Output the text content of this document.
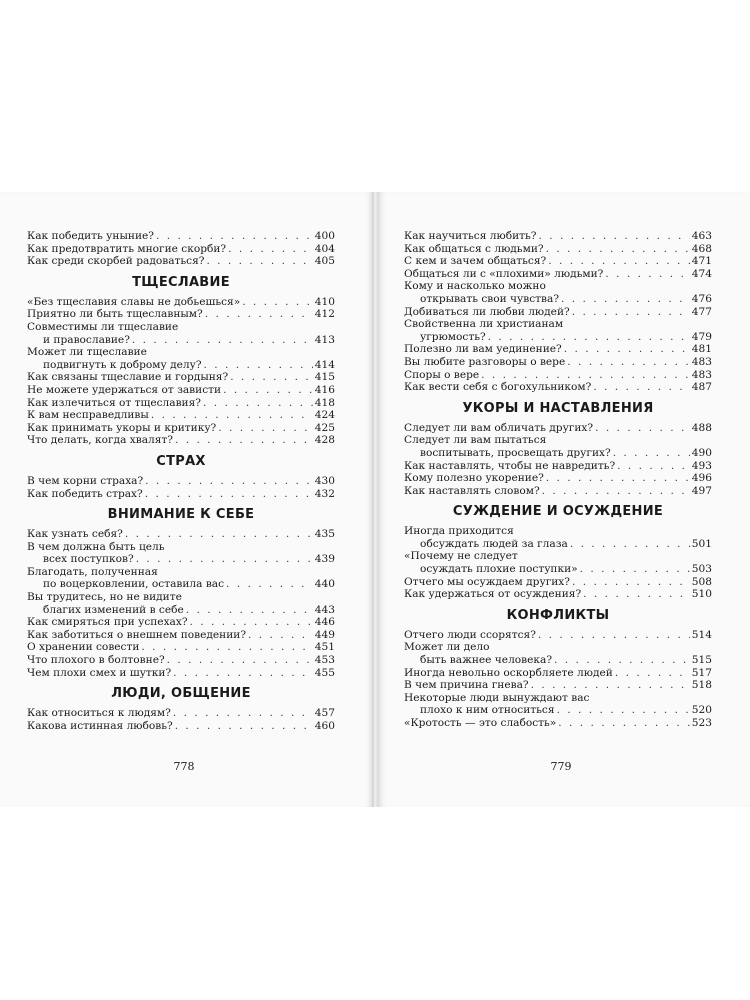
Как победить уныние? . . .	400
Как предотвратить многие скорби? . . .	404
Как среди скорбей радоваться? . . .	405
ТЩЕСЛАВИЕ
«Без тщеславия славы не добьешься» . . .	410
Приятно ли быть тщеславным? . . .	412
Совместимы ли тщеславие
и православие? . . .	413
Может ли тщеславие
подвигнуть к доброму делу? . . .	414
Как связаны тщеславие и гордыня? . . .	415
Не можете удержаться от зависти . . .	416
Как излечиться от тщеславия? . . .	418
К вам несправедливы . . .	424
Как принимать укоры и критику? . . .	425
Что делать, когда хвалят? . . .	428
СТРАХ
В чем корни страха? . . .	430
Как победить страх? . . .	432
ВНИМАНИЕ К СЕБЕ
Как узнать себя? . . .	435
В чем должна быть цель
всех поступков? . . .	439
Благодать, полученная
по воцерковлении, оставила вас . . .	440
Вы трудитесь, но не видите
благих изменений в себе . . .	443
Как смиряться при успехах? . . .	446
Как заботиться о внешнем поведении? . . .	449
О хранении совести . . .	451
Что плохого в болтовне? . . .	453
Чем плохи смех и шутки? . . .	455
ЛЮДИ, ОБЩЕНИЕ
Как относиться к людям? . . .	457
Какова истинная любовь? . . .	460
778
Как научиться любить? . . .	463
Как общаться с людьми? . . .	468
С кем и зачем общаться? . . .	471
Общаться ли с «плохими» людьми? . . .	474
Кому и насколько можно
открывать свои чувства? . . .	476
Добиваться ли любви людей? . . .	477
Свойственна ли христианам
угрюмость? . . .	479
Полезно ли вам уединение? . . .	481
Вы любите разговоры о вере . . .	483
Споры о вере . . .	483
Как вести себя с богохульником? . . .	487
УКОРЫ И НАСТАВЛЕНИЯ
Следует ли вам обличать других? . . .	488
Следует ли вам пытаться
воспитывать, просвещать других? . . .	490
Как наставлять, чтобы не навредить? . . .	493
Кому полезно укорение? . . .	496
Как наставлять словом? . . .	497
СУЖДЕНИЕ И ОСУЖДЕНИЕ
Иногда приходится
обсуждать людей за глаза . . .	501
«Почему не следует
осуждать плохие поступки» . . .	503
Отчего мы осуждаем других? . . .	508
Как удержаться от осуждения? . . .	510
КОНФЛИКТЫ
Отчего люди ссорятся? . . .	514
Может ли дело
быть важнее человека? . . .	515
Иногда невольно оскорбляете людей . . .	517
В чем причина гнева? . . .	518
Некоторые люди вынуждают вас
плохо к ним относиться . . .	520
«Кротость — это слабость» . . .	523
779
